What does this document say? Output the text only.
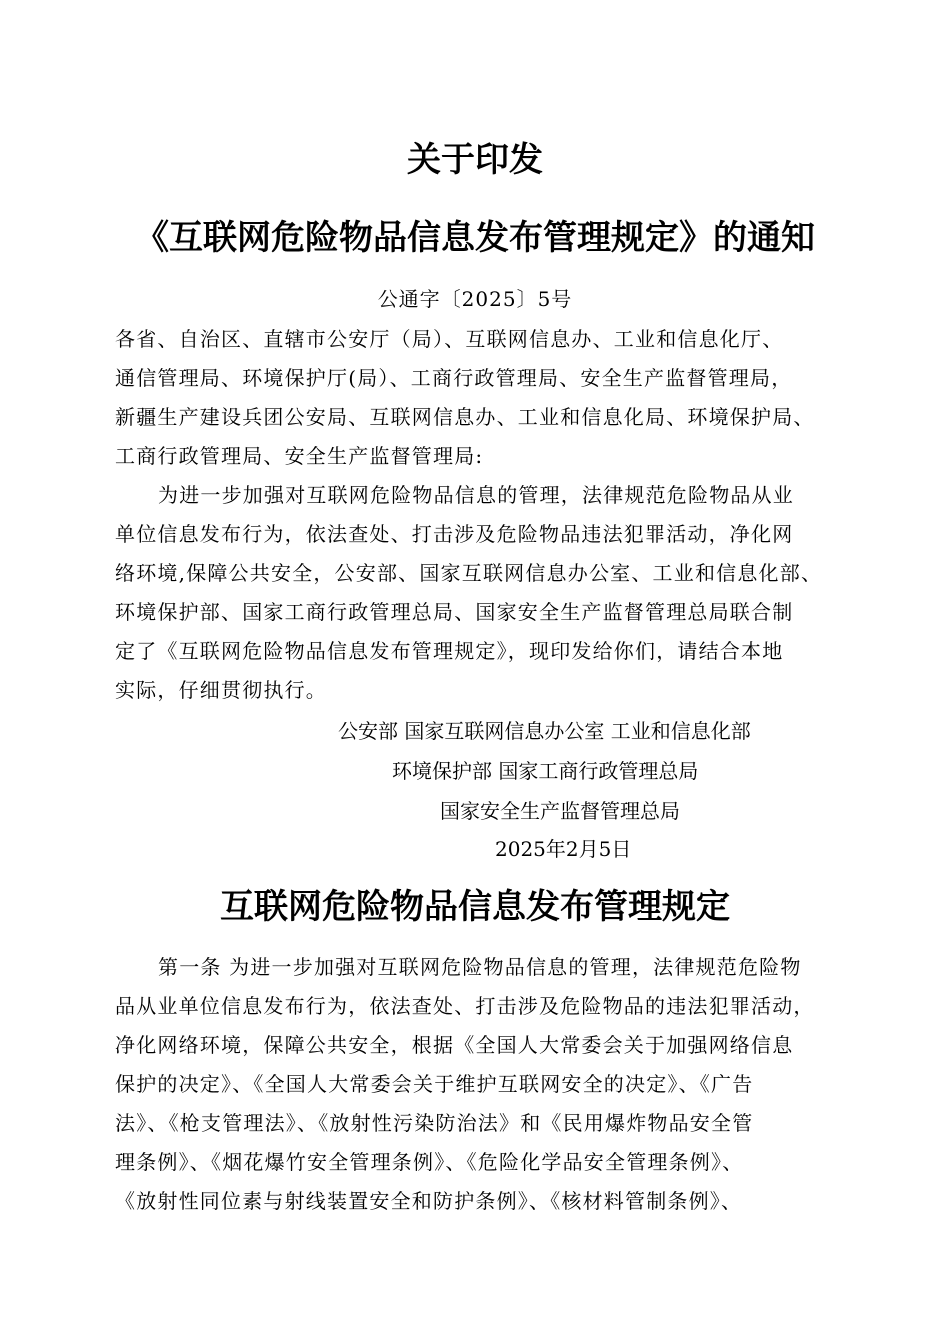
关于印发
《互联网危险物品信息发布管理规定》的通知
公通字〔2025〕5号
各省、自治区、直辖市公安厅（局）、互联网信息办、工业和信息化厅、
通信管理局、环境保护厅(局）、工商行政管理局、安全生产监督管理局，
新疆生产建设兵团公安局、互联网信息办、工业和信息化局、环境保护局、
工商行政管理局、安全生产监督管理局:
为进一步加强对互联网危险物品信息的管理，法律规范危险物品从业
单位信息发布行为，依法查处、打击涉及危险物品违法犯罪活动，净化网
络环境,保障公共安全，公安部、国家互联网信息办公室、工业和信息化部、
环境保护部、国家工商行政管理总局、国家安全生产监督管理总局联合制
定了《互联网危险物品信息发布管理规定》，现印发给你们，请结合本地
实际，仔细贯彻执行。
公安部 国家互联网信息办公室 工业和信息化部
环境保护部 国家工商行政管理总局
国家安全生产监督管理总局
2025年2月5日
互联网危险物品信息发布管理规定
第一条 为进一步加强对互联网危险物品信息的管理，法律规范危险物
品从业单位信息发布行为，依法查处、打击涉及危险物品的违法犯罪活动，
净化网络环境，保障公共安全，根据《全国人大常委会关于加强网络信息
保护的决定》、《全国人大常委会关于维护互联网安全的决定》、《广告
法》、《枪支管理法》、《放射性污染防治法》和《民用爆炸物品安全管
理条例》、《烟花爆竹安全管理条例》、《危险化学品安全管理条例》、
《放射性同位素与射线装置安全和防护条例》、《核材料管制条例》、
